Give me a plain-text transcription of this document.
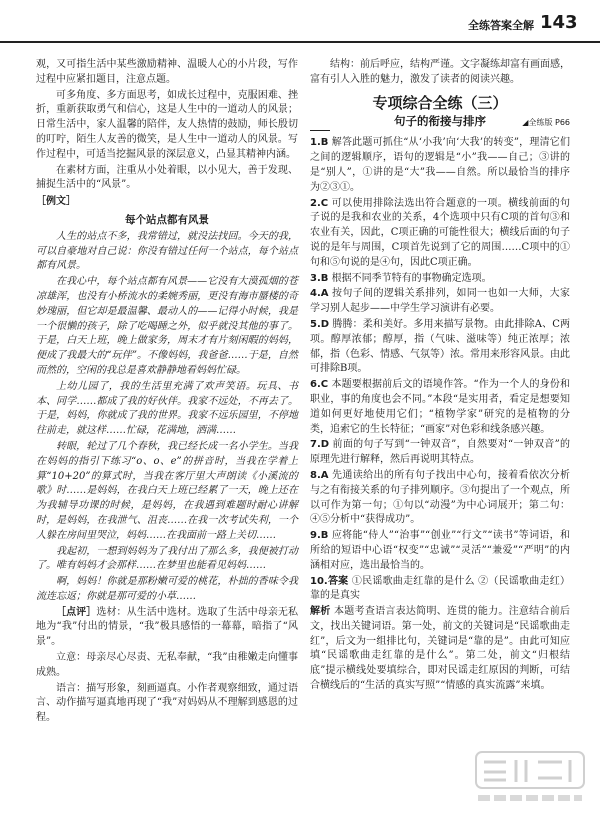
全练答案全解 143

观，又可指生活中某些激励精神、温暖人心的小片段，写作过程中应紧扣题目，注意点题。

可多角度、多方面思考，如成长过程中，克服困难、挫折，重新获取勇气和信心，这是人生中的一道动人的风景；日常生活中，家人温馨的陪伴，友人热情的鼓励，师长殷切的叮咛，陌生人友善的微笑，是人生中一道动人的风景。写作过程中，可适当挖掘风景的深层意义，凸显其精神内涵。

在素材方面，注重从小处着眼，以小见大，善于发现、捕捉生活中的“风景”。

［例文］
每个站点都有风景

人生的站点不多，我常错过，就没法找回。今天的我，可以自豪地对自己说：你没有错过任何一个站点，每个站点都有风景。

在我心中，每个站点都有风景——它没有大漠孤烟的苍凉雄浑，也没有小桥流水的柔婉秀丽，更没有海市蜃楼的奇妙瑰丽，但它却是最温馨、最动人的——记得小时候，我是一个很懒的孩子，除了吃喝睡之外，似乎就没其他的事了。于是，白天上班，晚上做家务，周末才有片刻闲暇的妈妈，便成了我最大的“玩伴”。不像妈妈，我爸爸……于是，自然而然的，空闲的我总是喜欢静静地看妈妈忙碌。

上幼儿园了，我的生活里充满了欢声笑语。玩具、书本、同学……都成了我的好伙伴。我家不远处，不再去了。于是，妈妈，你就成了我的世界。我家不远乐园里，不停地往前走，就这样……忙碌，花满地，洒满……

转眼，轮过了几个春秋，我已经长成一名小学生。当我在妈妈的指引下练习“o、o、e”的拼音时，当我在学着上算“10+20”的算式时，当我在客厅里大声朗读《小溪流的歌》时……是妈妈，在我白天上班已经累了一天，晚上还在为我辅导功课的时候，是妈妈，在我遇到难题时耐心讲解时，是妈妈，在我泄气、沮丧……在我一次考试失利，一个人躲在房间里哭泣，妈妈……在我面前一路上关切……

我起初，一想到妈妈为了我付出了那么多，我便被打动了。唯有妈妈才会那样……在梦里也能看见妈妈……

啊，妈妈！你就是那粉嫩可爱的桃花，朴拙的香味令我流连忘返；你就是那可爱的小草……

［点评］选材：从生活中选材。选取了生活中母亲无私地为“我”付出的情景，“我”极具感悟的一幕幕，暗指了“风景”。

立意：母亲尽心尽责、无私奉献，“我”由稚嫩走向懂事成熟。

语言：描写形象，刻画逼真。小作者观察细致，通过语言、动作描写逼真地再现了“我”对妈妈从不理解到感恩的过程。

结构：前后呼应，结构严谨。文字凝练却富有画面感，富有引人入胜的魅力，激发了读者的阅读兴趣。

专项综合全练（三）
句子的衔接与排序	◢全练版 P66
1.B 解答此题可抓住“从‘小我’向‘大我’的转变”，理清它们之间的逻辑顺序，语句的逻辑是“小”我——自己；③讲的是“别人”，①讲的是“大”我——自然。所以最恰当的排序为②③①。
2.C 可以使用排除法选出符合题意的一项。横线前面的句子说的是我和农业的关系，4个选项中只有C项的首句③和农业有关，因此，C项正确的可能性很大；横线后面的句子说的是年与周围，C项首先说到了它的周围……C项中的①句和⑤句说的是④句，因此C项正确。
3.B 根据不同季节特有的事物确定选项。
4.A 按句子间的逻辑关系排列，如同一也如一大师，大家学习别人起步——中学生学习演讲有必要。
5.D 腾腾：柔和美好。多用来描写景物。由此排除A、C两项。醇厚浓郁；醇厚，指（气味、滋味等）纯正浓厚；浓郁，指（色彩、情感、气氛等）浓。常用来形容风景。由此可排除B项。
6.C 本题要根据前后文的语境作答。“作为一个人的身份和职业，事的角度也会不同。”本段“是实用者，看定是想要知道如何更好地使用它们；“植物学家”研究的是植物的分类，追索它的生长特征；“画家”对色彩和线条感兴趣。
7.D 前面的句子写到“一钟双音”，自然要对“一钟双音”的原理先进行解释，然后再说明其特点。
8.A 先通读给出的所有句子找出中心句，接着看依次分析与之有衔接关系的句子排列顺序。③句提出了一个观点，所以可作为第一句；①句以“动漫”为中心词展开；第二句：④⑤分析中“获得成功”。
9.B 应将能“侍人”“治事”“创业”“行文”“读书”等词语，和所给的短语中心语“权变”“忠诚”“灵活”“兼爱”“严明”的内涵相对应，选出最恰当的。
10.答案 ①民谣歌曲走红靠的是什么 ②（民谣歌曲走红）靠的是真实
解析 本题考查语言表达简明、连贯的能力。注意结合前后文，找出关键词语。第一处，前文的关键词是“民谣歌曲走红”，后文为一组排比句，关键词是“靠的是”。由此可知应填“民谣歌曲走红靠的是什么”。第二处，前文“归根结底”提示横线处要填综合，即对民谣走红原因的判断，可结合横线后的“生活的真实写照”“情感的真实流露”来填。
